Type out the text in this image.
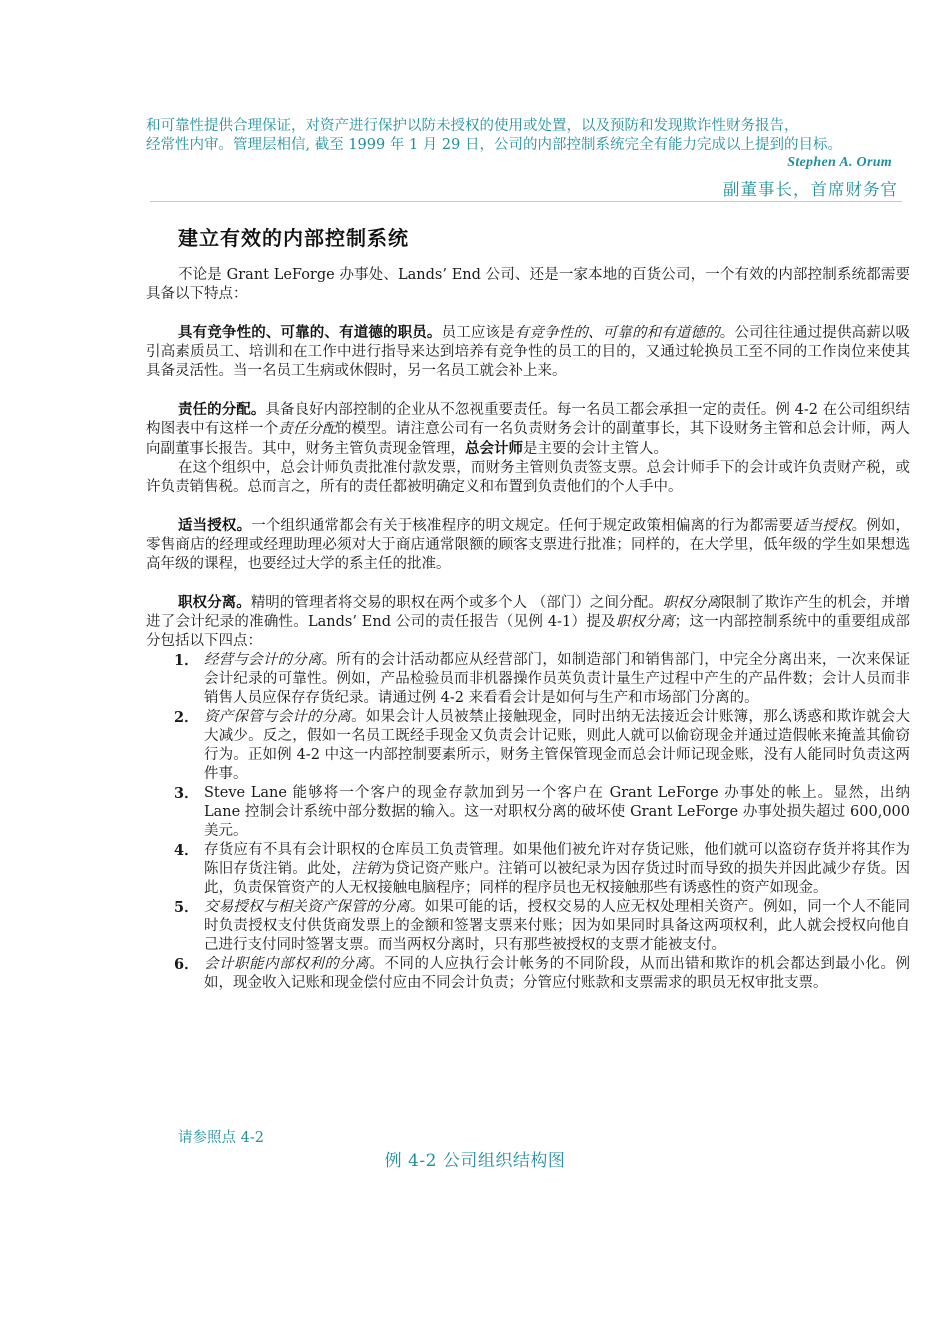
和可靠性提供合理保证，对资产进行保护以防未授权的使用或处置，以及预防和发现欺诈性财务报告，
经常性内审。管理层相信, 截至 1999 年 1 月 29 日，公司的内部控制系统完全有能力完成以上提到的目标。
Stephen A. Orum
副董事长，首席财务官
建立有效的内部控制系统

不论是 Grant LeForge 办事处、Lands’ End 公司、还是一家本地的百货公司，一个有效的内部控制系统都需要具备以下特点：

具有竞争性的、可靠的、有道德的职员。员工应该是有竞争性的、可靠的和有道德的。公司往往通过提供高薪以吸引高素质员工、培训和在工作中进行指导来达到培养有竞争性的员工的目的，又通过轮换员工至不同的工作岗位来使其具备灵活性。当一名员工生病或休假时，另一名员工就会补上来。

责任的分配。具备良好内部控制的企业从不忽视重要责任。每一名员工都会承担一定的责任。例 4-2 在公司组织结构图表中有这样一个责任分配的模型。请注意公司有一名负责财务会计的副董事长，其下设财务主管和总会计师，两人向副董事长报告。其中，财务主管负责现金管理，总会计师是主要的会计主管人。

在这个组织中，总会计师负责批准付款发票，而财务主管则负责签支票。总会计师手下的会计或许负责财产税，或许负责销售税。总而言之，所有的责任都被明确定义和布置到负责他们的个人手中。

适当授权。一个组织通常都会有关于核准程序的明文规定。任何于规定政策相偏离的行为都需要适当授权。例如，零售商店的经理或经理助理必须对大于商店通常限额的顾客支票进行批准；同样的，在大学里，低年级的学生如果想选高年级的课程，也要经过大学的系主任的批准。

职权分离。精明的管理者将交易的职权在两个或多个人 （部门）之间分配。职权分离限制了欺诈产生的机会，并增进了会计纪录的准确性。Lands’ End 公司的责任报告（见例 4-1）提及职权分离；这一内部控制系统中的重要组成部分包括以下四点：

1． 经营与会计的分离。所有的会计活动都应从经营部门，如制造部门和销售部门，中完全分离出来，一次来保证会计纪录的可靠性。例如，产品检验员而非机器操作员英负责计量生产过程中产生的产品件数；会计人员而非销售人员应保存存货纪录。请通过例 4-2 来看看会计是如何与生产和市场部门分离的。
2． 资产保管与会计的分离。如果会计人员被禁止接触现金，同时出纳无法接近会计账簿，那么诱惑和欺诈就会大大减少。反之，假如一名员工既经手现金又负责会计记账，则此人就可以偷窃现金并通过造假帐来掩盖其偷窃行为。正如例 4-2 中这一内部控制要素所示，财务主管保管现金而总会计师记现金账，没有人能同时负责这两件事。
3． Steve Lane 能够将一个客户的现金存款加到另一个客户在 Grant LeForge 办事处的帐上。显然，出纳 Lane 控制会计系统中部分数据的输入。这一对职权分离的破坏使 Grant LeForge 办事处损失超过 600,000 美元。
4． 存货应有不具有会计职权的仓库员工负责管理。如果他们被允许对存货记账，他们就可以盗窃存货并将其作为陈旧存货注销。此处，注销为贷记资产账户。注销可以被纪录为因存货过时而导致的损失并因此减少存货。因此，负责保管资产的人无权接触电脑程序；同样的程序员也无权接触那些有诱惑性的资产如现金。
5． 交易授权与相关资产保管的分离。如果可能的话，授权交易的人应无权处理相关资产。例如，同一个人不能同时负责授权支付供货商发票上的金额和签署支票来付账；因为如果同时具备这两项权利，此人就会授权向他自己进行支付同时签署支票。而当两权分离时，只有那些被授权的支票才能被支付。
6． 会计职能内部权利的分离。不同的人应执行会计帐务的不同阶段，从而出错和欺诈的机会都达到最小化。例如，现金收入记账和现金偿付应由不同会计负责；分管应付账款和支票需求的职员无权审批支票。
请参照点 4-2
例 4-2 公司组织结构图
